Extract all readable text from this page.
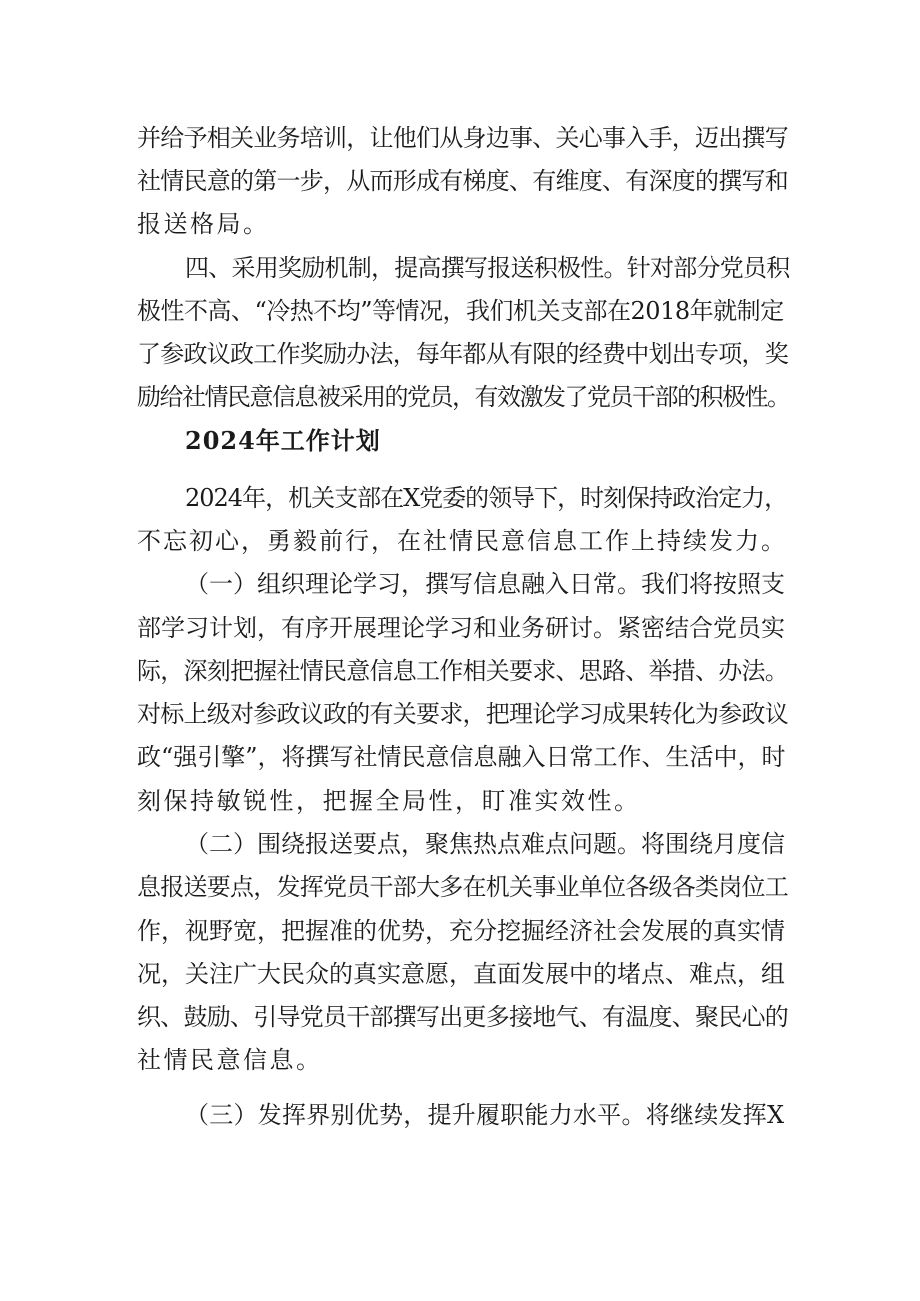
并给予相关业务培训，让他们从身边事、关心事入手，迈出撰写
社情民意的第一步，从而形成有梯度、有维度、有深度的撰写和
报送格局。
四、采用奖励机制，提高撰写报送积极性。针对部分党员积
极性不高、“冷热不均”等情况，我们机关支部在2018年就制定
了参政议政工作奖励办法，每年都从有限的经费中划出专项，奖
励给社情民意信息被采用的党员，有效激发了党员干部的积极性。
2024年工作计划
2024年，机关支部在X党委的领导下，时刻保持政治定力，
不忘初心，勇毅前行，在社情民意信息工作上持续发力。
（一）组织理论学习，撰写信息融入日常。我们将按照支
部学习计划，有序开展理论学习和业务研讨。紧密结合党员实
际，深刻把握社情民意信息工作相关要求、思路、举措、办法。
对标上级对参政议政的有关要求，把理论学习成果转化为参政议
政“强引擎”，将撰写社情民意信息融入日常工作、生活中，时
刻保持敏锐性，把握全局性，盯准实效性。
（二）围绕报送要点，聚焦热点难点问题。将围绕月度信
息报送要点，发挥党员干部大多在机关事业单位各级各类岗位工
作，视野宽，把握准的优势，充分挖掘经济社会发展的真实情
况，关注广大民众的真实意愿，直面发展中的堵点、难点，组
织、鼓励、引导党员干部撰写出更多接地气、有温度、聚民心的
社情民意信息。
（三）发挥界别优势，提升履职能力水平。将继续发挥X
